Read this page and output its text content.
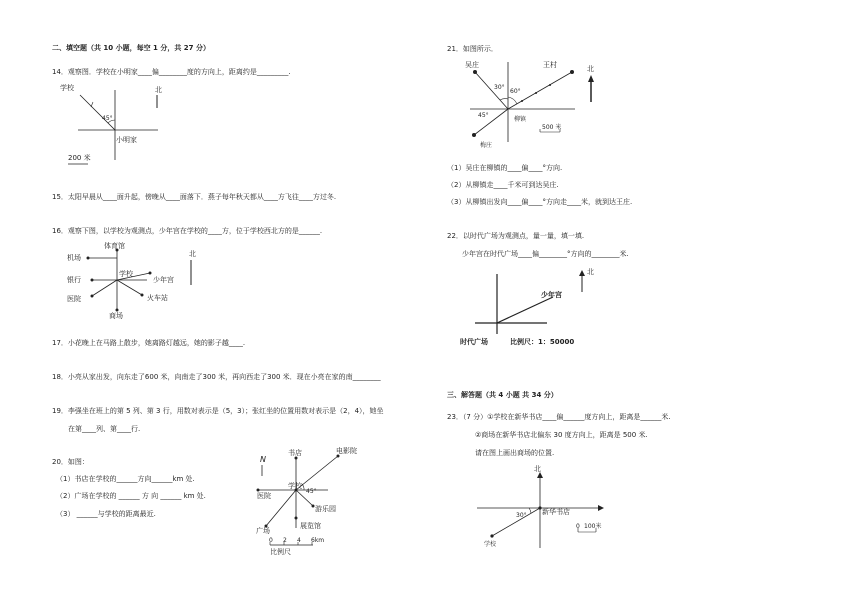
二、填空题（共 10 小题，每空 1 分，共 27 分）
14．观察图．学校在小明家____偏________度的方向上，距离约是_________.
学校	北
45°
小明家
200 米
15．太阳早晨从____面升起，傍晚从____面落下．燕子每年秋天都从____方飞往____方过冬.
16．观察下图，以学校为观测点，少年宫在学校的____方，位于学校西北方的是______.
体育馆
机场	北
银行
学校
少年宫
医院	火车站
商场
17．小花晚上在马路上散步，她离路灯越远，她的影子越____.
18．小亮从家出发，向东走了600 米，向南走了300 米，再向西走了300 米．现在小亮在家的南________
19．李强坐在班上的第 5 列、第 3 行，用数对表示是（5，3）；张红坐的位置用数对表示是（2，4），她坐
在第____列、第____行.
20．如图：
（1）书店在学校的______方向______km 处.
（2）广场在学校的 ______ 方 向 ______ km 处.
（3） ______与学校的距离最近.
N
书店	电影院
医院
学校
45°
游乐园
广场
展览馆
0 2 4 6km
比例尺
21．如图所示．
吴庄	王村	北
30°
60°
45°
柳镇
梅庄
500 米
（1）吴庄在柳镇的____偏____°方向.
（2）从柳镇走____千米可到达吴庄.
（3）从柳镇出发向____偏____°方向走____米，就到达王庄.
22．以时代广场为观测点，量一量，填一填.
少年宫在时代广场____偏________°方向的________米.
北
少年宫
时代广场	比例尺：1：50000
三、解答题（共 4 小题 共 34 分）
23．（7 分）①学校在新华书店____偏______度方向上，距离是______米.
②商场在新华书店北偏东 30 度方向上，距离是 500 米.
请在图上画出商场的位置.
北
30° 新华书店
学校
0 100米
